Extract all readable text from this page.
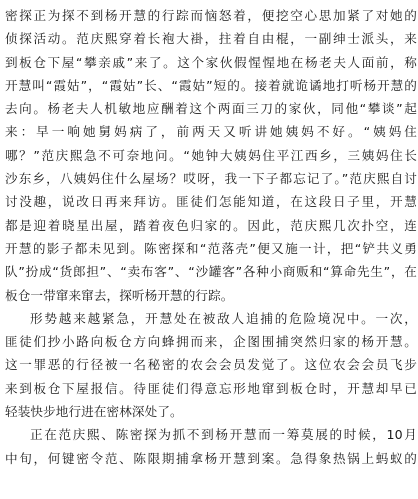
密探正为探不到杨开慧的行踪而恼怒着，便挖空心思加紧了对她的
侦探活动。范庆熙穿着长袍大褂，拄着自由棍，一副绅士派头，来
到板仓下屋“攀亲戚”来了。这个家伙假惺惺地在杨老夫人面前，称
开慧叫“霞姑”，“霞姑”长、“霞姑”短的。接着就诡谲地打听杨开慧的
去向。杨老夫人机敏地应酬着这个两面三刀的家伙，同他“攀谈”起
来：早一响她舅妈病了，前两天又听讲她姨妈不好。“姨妈住
哪？”范庆熙急不可奈地问。“她钟大姨妈住平江西乡，三姨妈住长
沙东乡，八姨妈住什么屋场？哎呀，我一下子都忘记了。”范庆熙自讨
讨没趣，说改日再来拜访。匪徒们怎能知道，在这段日子里，开慧
都是迎着晓星出屋，踏着夜色归家的。因此，范庆熙几次扑空，连
开慧的影子都未见到。陈密探和“范落壳”便又施一计，把“铲共义勇
队”扮成“货郎担”、“卖布客”、“沙罐客”各种小商贩和“算命先生”，在
板仓一带窜来窜去，探听杨开慧的行踪。
形势越来越紧急，开慧处在被敌人追捕的危险境况中。一次，
匪徒们抄小路向板仓方向蜂拥而来，企图围捕突然归家的杨开慧。
这一罪恶的行径被一名秘密的农会会员发觉了。这位农会会员飞步
来到板仓下屋报信。待匪徒们得意忘形地窜到板仓时，开慧却早已
轻装快步地行进在密林深处了。
正在范庆熙、陈密探为抓不到杨开慧而一筹莫展的时候，10月
中旬，何键密令范、陈限期捕拿杨开慧到案。急得象热锅上蚂蚁的
